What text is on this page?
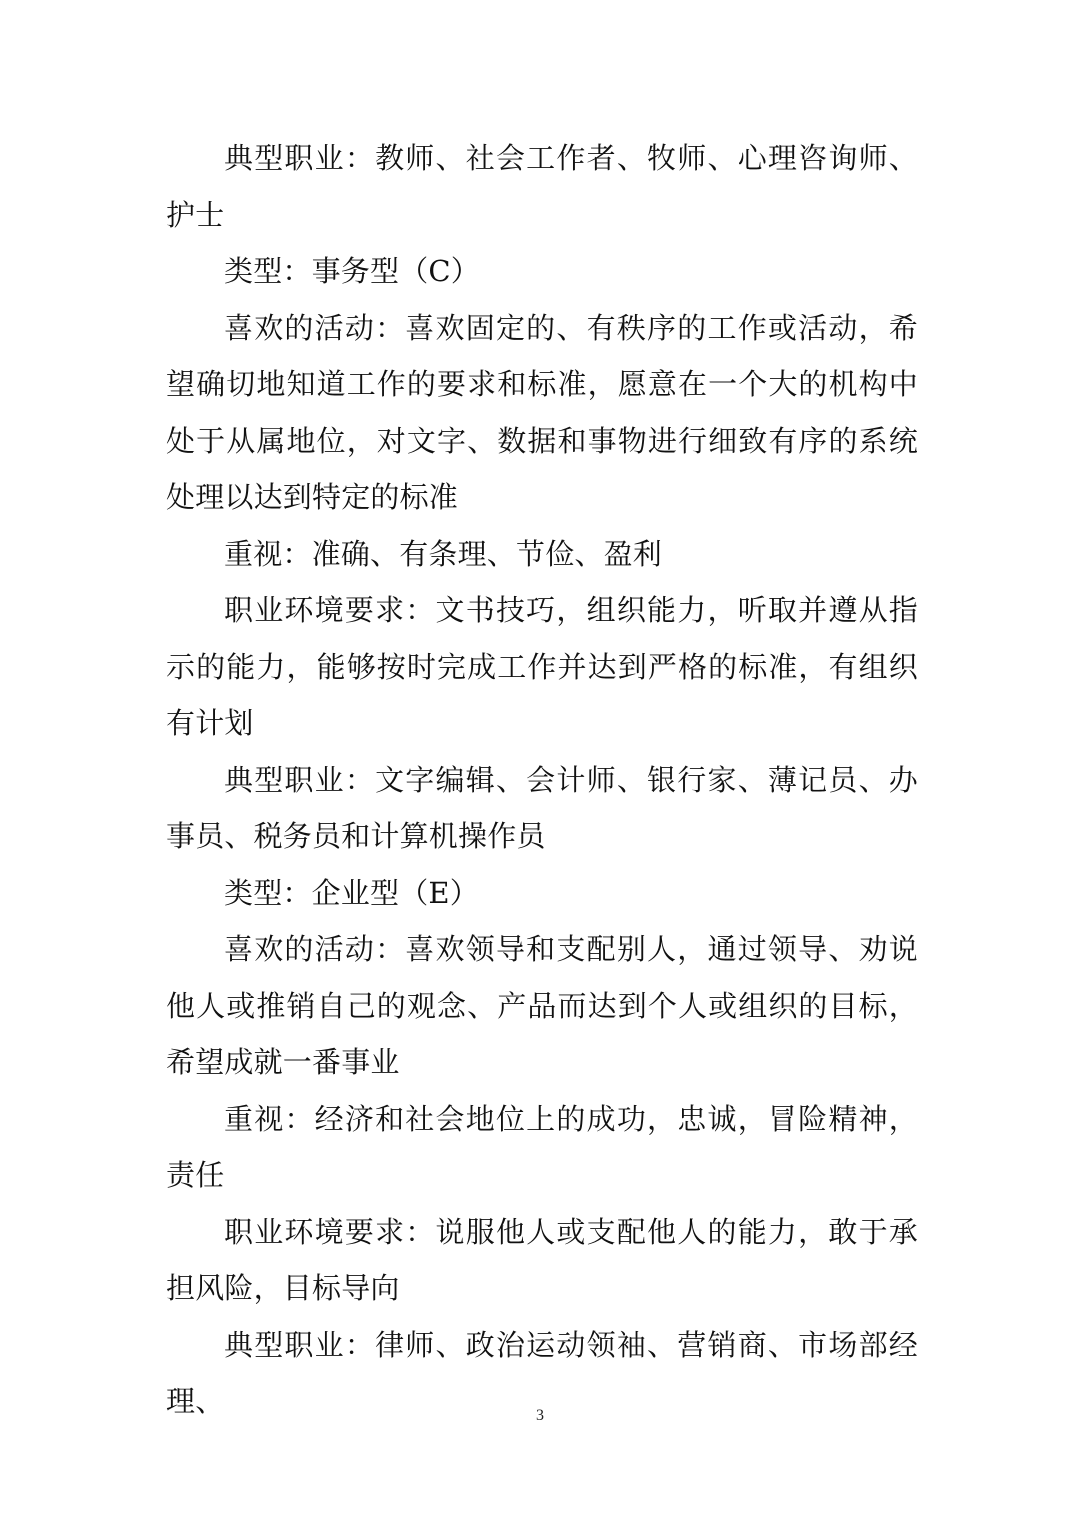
典型职业：教师、社会工作者、牧师、心理咨询师、护士

类型：事务型（C）

喜欢的活动：喜欢固定的、有秩序的工作或活动，希望确切地知道工作的要求和标准，愿意在一个大的机构中处于从属地位，对文字、数据和事物进行细致有序的系统处理以达到特定的标准

重视：准确、有条理、节俭、盈利

职业环境要求：文书技巧，组织能力，听取并遵从指示的能力，能够按时完成工作并达到严格的标准，有组织有计划

典型职业：文字编辑、会计师、银行家、薄记员、办事员、税务员和计算机操作员

类型：企业型（E）

喜欢的活动：喜欢领导和支配别人，通过领导、劝说他人或推销自己的观念、产品而达到个人或组织的目标，希望成就一番事业

重视：经济和社会地位上的成功，忠诚，冒险精神，责任

职业环境要求：说服他人或支配他人的能力，敢于承担风险，目标导向

典型职业：律师、政治运动领袖、营销商、市场部经理、	3
